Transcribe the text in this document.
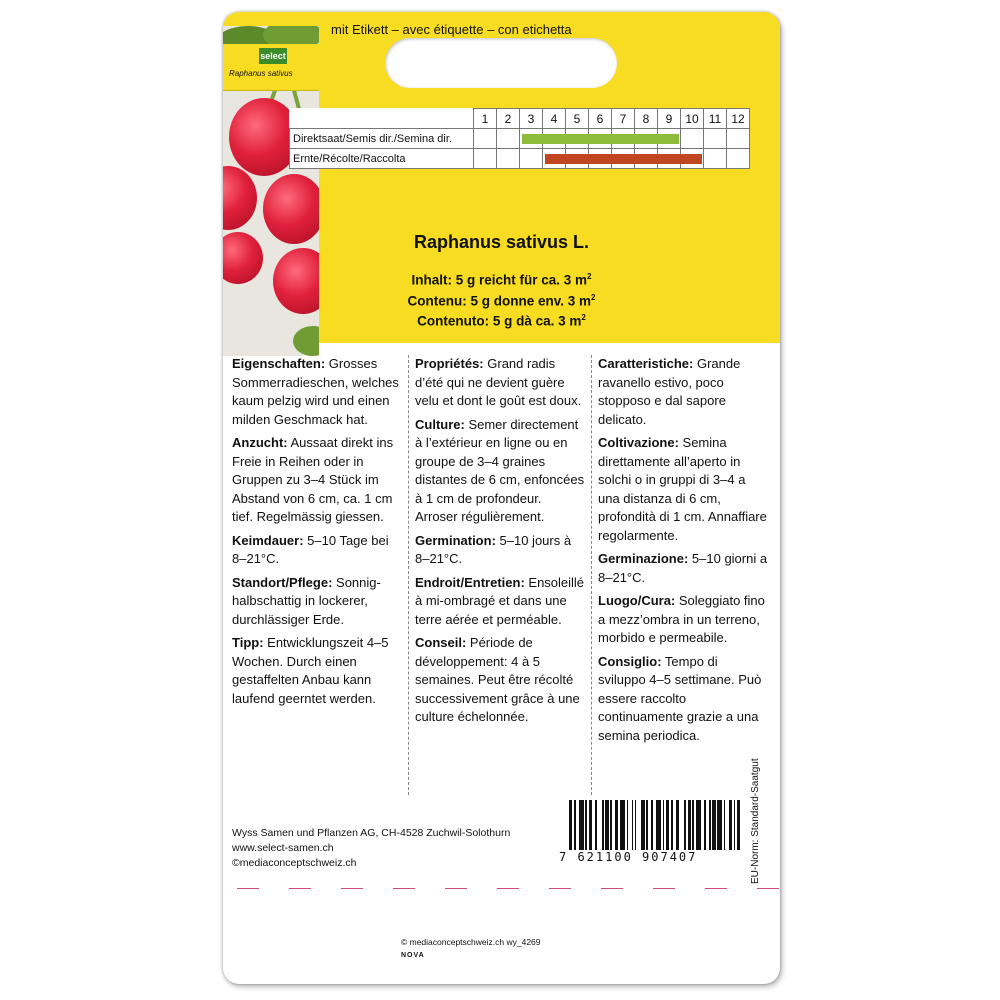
mit Etikett – avec étiquette – con etichetta
select
Raphanus sativus
	1	2	3	4	5	6	7	8	9	10	11	12
Direktsaat/Semis dir./Semina dir.	

Ernte/Récolte/Raccolta	

Raphanus sativus L.
Inhalt: 5 g reicht für ca. 3 $m^2$
Contenu: 5 g donne env. 3 $m^2$
Contenuto: 5 g dà ca. 3 $m^2$

Eigenschaften: Grosses Sommerradieschen, welches kaum pelzig wird und einen milden Geschmack hat.

Anzucht: Aussaat direkt ins Freie in Reihen oder in Gruppen zu 3–4 Stück im Abstand von 6 cm, ca. 1 cm tief. Regelmässig giessen.

Keimdauer: 5–10 Tage bei 8–21°C.

Standort/Pflege: Sonnig-halbschattig in lockerer, durchlässiger Erde.

Tipp: Entwicklungszeit 4–5 Wochen. Durch einen gestaffelten Anbau kann laufend geerntet werden.

Propriétés: Grand radis d’été qui ne devient guère velu et dont le goût est doux.

Culture: Semer directement à l’extérieur en ligne ou en groupe de 3–4 graines distantes de 6 cm, enfoncées à 1 cm de profondeur. Arroser régulièrement.

Germination: 5–10 jours à 8–21°C.

Endroit/Entretien: Ensoleillé à mi-ombragé et dans une terre aérée et perméable.

Conseil: Période de développement: 4 à 5 semaines. Peut être récolté successivement grâce à une culture échelonnée.

Caratteristiche: Grande ravanello estivo, poco stopposo e dal sapore delicato.

Coltivazione: Semina direttamente all’aperto in solchi o in gruppi di 3–4 a una distanza di 6 cm, profondità di 1 cm. Annaffiare regolarmente.

Germinazione: 5–10 giorni a 8–21°C.

Luogo/Cura: Soleggiato fino a mezz’ombra in un terreno, morbido e permeabile.

Consiglio: Tempo di sviluppo 4–5 settimane. Può essere raccolto continuamente grazie a una semina periodica.

Wyss Samen und Pflanzen AG, CH-4528 Zuchwil-Solothurn
www.select-samen.ch
©mediaconceptschweiz.ch	7 621100 907407	EU-Norm: Standard-Saatgut
© mediaconceptschweiz.ch wy_4269
NOVA
